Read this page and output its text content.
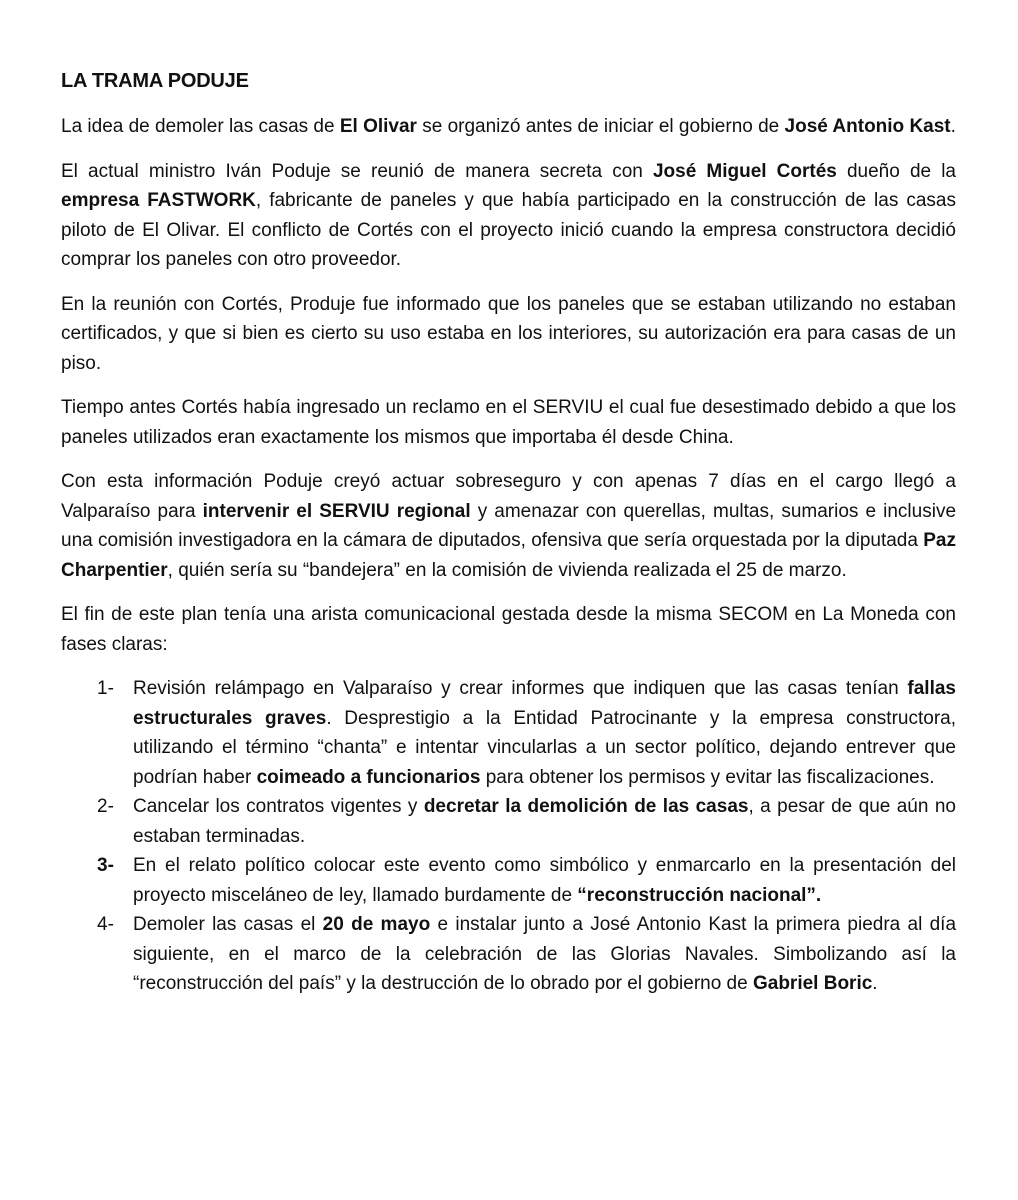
LA TRAMA PODUJE

La idea de demoler las casas de El Olivar se organizó antes de iniciar el gobierno de José Antonio Kast.

El actual ministro Iván Poduje se reunió de manera secreta con José Miguel Cortés dueño de la empresa FASTWORK, fabricante de paneles y que había participado en la construcción de las casas piloto de El Olivar. El conflicto de Cortés con el proyecto inició cuando la empresa constructora decidió comprar los paneles con otro proveedor.

En la reunión con Cortés, Produje fue informado que los paneles que se estaban utilizando no estaban certificados, y que si bien es cierto su uso estaba en los interiores, su autorización era para casas de un piso.

Tiempo antes Cortés había ingresado un reclamo en el SERVIU el cual fue desestimado debido a que los paneles utilizados eran exactamente los mismos que importaba él desde China.

Con esta información Poduje creyó actuar sobreseguro y con apenas 7 días en el cargo llegó a Valparaíso para intervenir el SERVIU regional y amenazar con querellas, multas, sumarios e inclusive una comisión investigadora en la cámara de diputados, ofensiva que sería orquestada por la diputada Paz Charpentier, quién sería su “bandejera” en la comisión de vivienda realizada el 25 de marzo.

El fin de este plan tenía una arista comunicacional gestada desde la misma SECOM en La Moneda con fases claras:

1-	Revisión relámpago en Valparaíso y crear informes que indiquen que las casas tenían fallas estructurales graves. Desprestigio a la Entidad Patrocinante y la empresa constructora, utilizando el término “chanta” e intentar vincularlas a un sector político, dejando entrever que podrían haber coimeado a funcionarios para obtener los permisos y evitar las fiscalizaciones.
2-	Cancelar los contratos vigentes y decretar la demolición de las casas, a pesar de que aún no estaban terminadas.
3-	En el relato político colocar este evento como simbólico y enmarcarlo en la presentación del proyecto misceláneo de ley, llamado burdamente de “reconstrucción nacional”.
4-	Demoler las casas el 20 de mayo e instalar junto a José Antonio Kast la primera piedra al día siguiente, en el marco de la celebración de las Glorias Navales. Simbolizando así la “reconstrucción del país” y la destrucción de lo obrado por el gobierno de Gabriel Boric.
